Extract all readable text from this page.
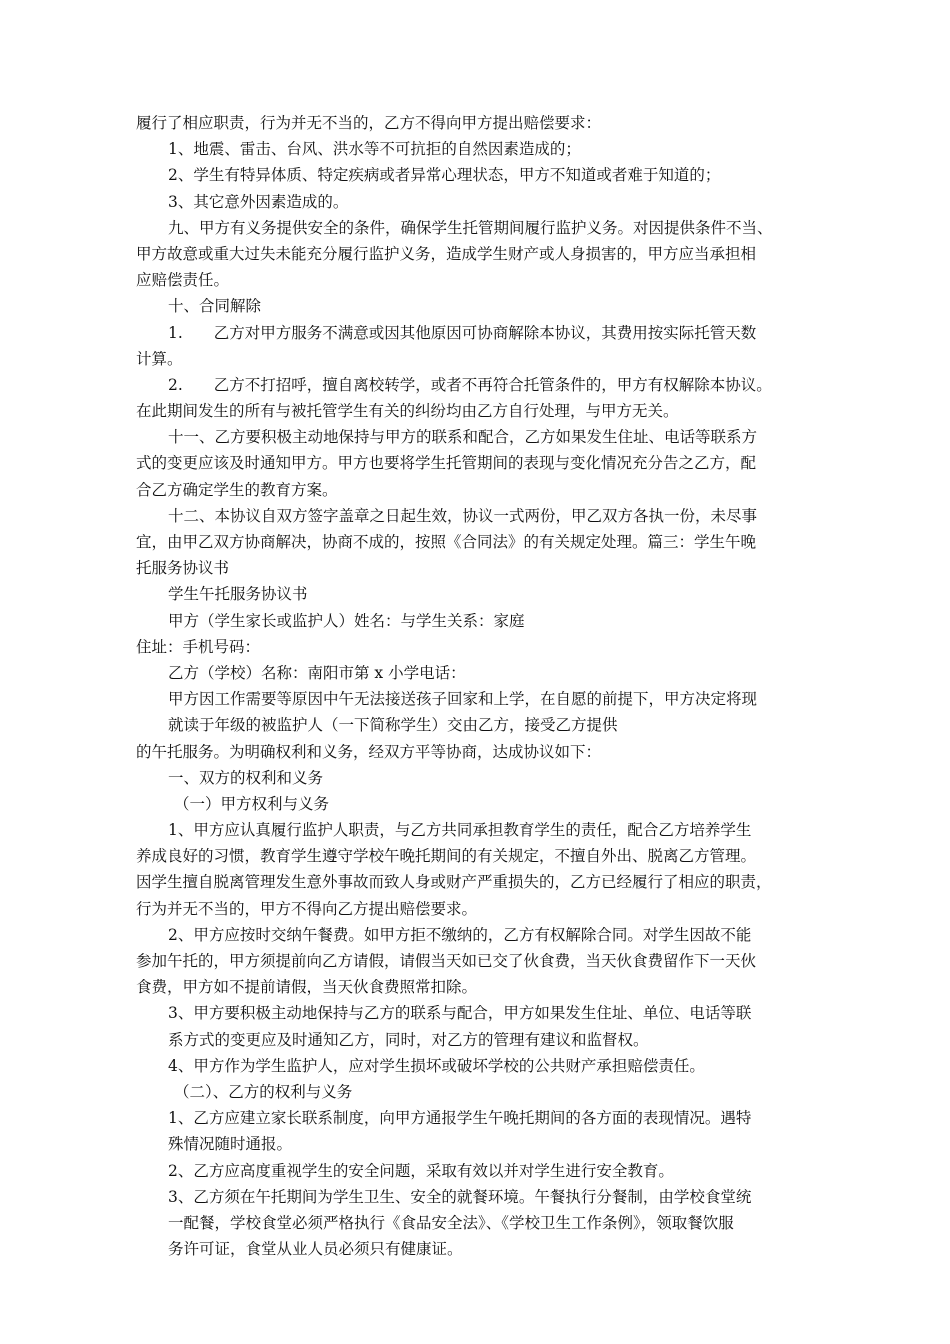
履行了相应职责，行为并无不当的，乙方不得向甲方提出赔偿要求：
1、地震、雷击、台风、洪水等不可抗拒的自然因素造成的；
2、学生有特异体质、特定疾病或者异常心理状态，甲方不知道或者难于知道的；
3、其它意外因素造成的。
九、甲方有义务提供安全的条件，确保学生托管期间履行监护义务。对因提供条件不当、
甲方故意或重大过失未能充分履行监护义务，造成学生财产或人身损害的，甲方应当承担相
应赔偿责任。
十、合同解除
1.　　乙方对甲方服务不满意或因其他原因可协商解除本协议，其费用按实际托管天数
计算。
2.　　乙方不打招呼，擅自离校转学，或者不再符合托管条件的，甲方有权解除本协议。
在此期间发生的所有与被托管学生有关的纠纷均由乙方自行处理，与甲方无关。
十一、乙方要积极主动地保持与甲方的联系和配合，乙方如果发生住址、电话等联系方
式的变更应该及时通知甲方。甲方也要将学生托管期间的表现与变化情况充分告之乙方，配
合乙方确定学生的教育方案。
十二、本协议自双方签字盖章之日起生效，协议一式两份，甲乙双方各执一份，未尽事
宜，由甲乙双方协商解决，协商不成的，按照《合同法》的有关规定处理。篇三：学生午晚
托服务协议书
学生午托服务协议书
甲方（学生家长或监护人）姓名：与学生关系：家庭
住址：手机号码：
乙方（学校）名称：南阳市第 x 小学电话：
甲方因工作需要等原因中午无法接送孩子回家和上学，在自愿的前提下，甲方决定将现
就读于年级的被监护人（一下简称学生）交由乙方，接受乙方提供
的午托服务。为明确权利和义务，经双方平等协商，达成协议如下：
一、双方的权利和义务
（一）甲方权利与义务
1、甲方应认真履行监护人职责，与乙方共同承担教育学生的责任，配合乙方培养学生
养成良好的习惯，教育学生遵守学校午晚托期间的有关规定，不擅自外出、脱离乙方管理。
因学生擅自脱离管理发生意外事故而致人身或财产严重损失的，乙方已经履行了相应的职责，
行为并无不当的，甲方不得向乙方提出赔偿要求。
2、甲方应按时交纳午餐费。如甲方拒不缴纳的，乙方有权解除合同。对学生因故不能
参加午托的，甲方须提前向乙方请假，请假当天如已交了伙食费，当天伙食费留作下一天伙
食费，甲方如不提前请假，当天伙食费照常扣除。
3、甲方要积极主动地保持与乙方的联系与配合，甲方如果发生住址、单位、电话等联
系方式的变更应及时通知乙方，同时，对乙方的管理有建议和监督权。
4、甲方作为学生监护人，应对学生损坏或破坏学校的公共财产承担赔偿责任。
（二）、乙方的权利与义务
1、乙方应建立家长联系制度，向甲方通报学生午晚托期间的各方面的表现情况。遇特
殊情况随时通报。
2、乙方应高度重视学生的安全问题，采取有效以并对学生进行安全教育。
3、乙方须在午托期间为学生卫生、安全的就餐环境。午餐执行分餐制，由学校食堂统
一配餐，学校食堂必须严格执行《食品安全法》、《学校卫生工作条例》，领取餐饮服
务许可证，食堂从业人员必须只有健康证。
